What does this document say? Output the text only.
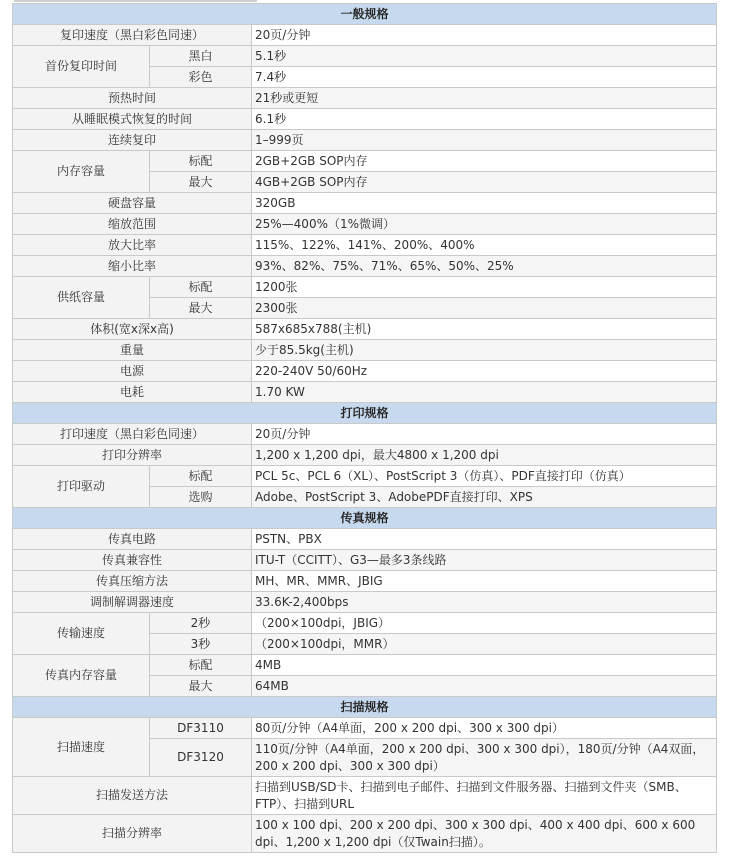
一般规格		
复印速度（黑白彩色同速）		20页/分钟
首份复印时间	黑白	5.1秒
	彩色	7.4秒
预热时间		21秒或更短
从睡眠模式恢复的时间		6.1秒
连续复印		1–999页
内存容量	标配	2GB+2GB SOP内存
	最大	4GB+2GB SOP内存
硬盘容量		320GB
缩放范围		25%—400%（1%微调）
放大比率		115%、122%、141%、200%、400%
缩小比率		93%、82%、75%、71%、65%、50%、25%
供纸容量	标配	1200张
	最大	2300张
体积(宽x深x高)		587x685x788(主机)
重量		少于85.5kg(主机)
电源		220-240V 50/60Hz
电耗		1.70 KW
打印规格		
打印速度（黑白彩色同速）		20页/分钟
打印分辨率		1,200 x 1,200 dpi，最大4800 x 1,200 dpi
打印驱动	标配	PCL 5c、PCL 6（XL）、PostScript 3（仿真）、PDF直接打印（仿真）
	选购	Adobe、PostScript 3、AdobePDF直接打印、XPS
传真规格		
传真电路		PSTN、PBX
传真兼容性		ITU-T（CCITT）、G3—最多3条线路
传真压缩方法		MH、MR、MMR、JBIG
调制解调器速度		33.6K-2,400bps
传输速度	2秒	（200×100dpi，JBIG）
	3秒	（200×100dpi，MMR）
传真内存容量	标配	4MB
	最大	64MB
扫描规格		
扫描速度	DF3110	80页/分钟（A4单面，200 x 200 dpi、300 x 300 dpi）
	DF3120	110页/分钟（A4单面，200 x 200 dpi、300 x 300 dpi），180页/分钟（A4双面，200 x 200 dpi、300 x 300 dpi）
扫描发送方法		扫描到USB/SD卡、扫描到电子邮件、扫描到文件服务器、扫描到文件夹（SMB、FTP）、扫描到URL
扫描分辨率		100 x 100 dpi、200 x 200 dpi、300 x 300 dpi、400 x 400 dpi、600 x 600 dpi、1,200 x 1,200 dpi（仅Twain扫描）。
